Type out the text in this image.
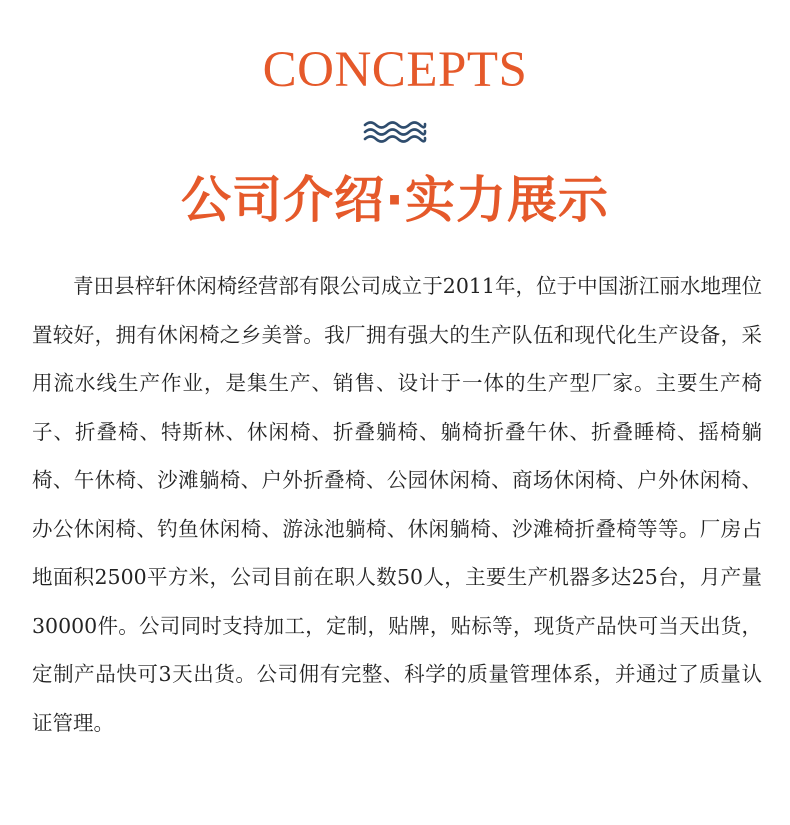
CONCEPTS
公司介绍·实力展示

青田县梓轩休闲椅经营部有限公司成立于2011年，位于中国浙江丽水地理位置较好，拥有休闲椅之乡美誉。我厂拥有强大的生产队伍和现代化生产设备，采用流水线生产作业，是集生产、销售、设计于一体的生产型厂家。主要生产椅子、折叠椅、特斯林、休闲椅、折叠躺椅、躺椅折叠午休、折叠睡椅、摇椅躺椅、午休椅、沙滩躺椅、户外折叠椅、公园休闲椅、商场休闲椅、户外休闲椅、办公休闲椅、钓鱼休闲椅、游泳池躺椅、休闲躺椅、沙滩椅折叠椅等等。厂房占地面积2500平方米，公司目前在职人数50人，主要生产机器多达25台，月产量30000件。公司同时支持加工，定制，贴牌，贴标等，现货产品快可当天出货，定制产品快可3天出货。公司佣有完整、科学的质量管理体系，并通过了质量认证管理。
